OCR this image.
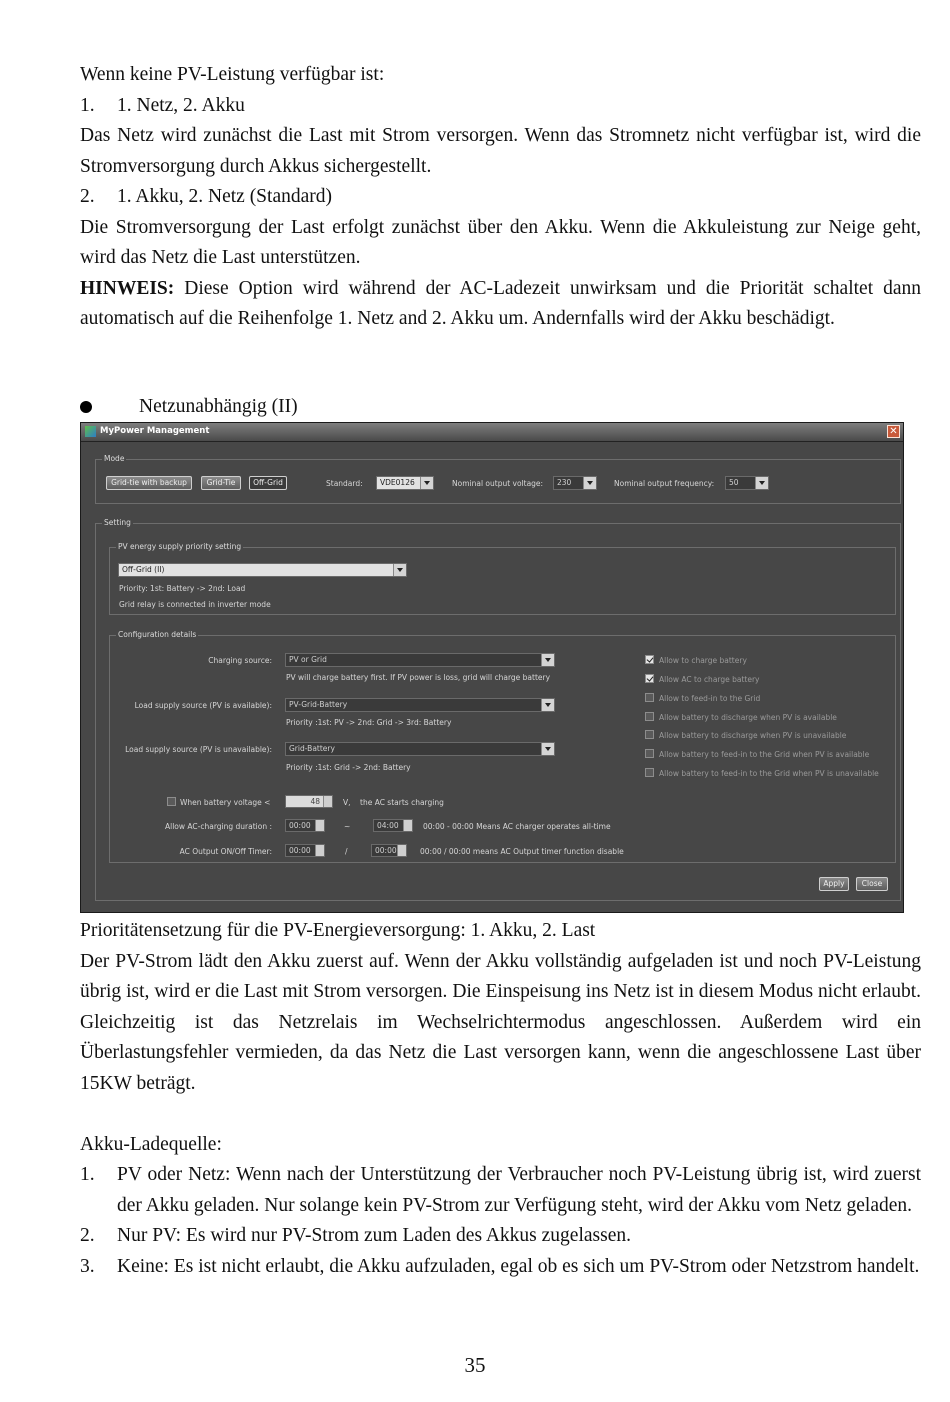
Wenn keine PV-Leistung verfügbar ist:

1.	1. Netz, 2. Akku

Das Netz wird zunächst die Last mit Strom versorgen. Wenn das Stromnetz nicht verfügbar ist, wird die Stromversorgung durch Akkus sichergestellt.

2.	1. Akku, 2. Netz (Standard)

Die Stromversorgung der Last erfolgt zunächst über den Akku. Wenn die Akkuleistung zur Neige geht, wird das Netz die Last unterstützen.

HINWEIS: Diese Option wird während der AC-Ladezeit unwirksam und die Priorität schaltet dann automatisch auf die Reihenfolge 1. Netz and 2. Akku um. Andernfalls wird der Akku beschädigt.

Netzunabhängig (II)
MyPower Management	✕
Mode
Grid-tie with backup	Grid-Tie	Off-Grid	Standard:	VDE0126	Nominal output voltage:	230	Nominal output frequency:	50
Setting
PV energy supply priority setting
Off-Grid (II)
Priority: 1st: Battery -> 2nd: Load
Grid relay is connected in inverter mode
Configuration details
Charging source:	PV or Grid
PV will charge battery first. If PV power is loss, grid will charge battery
Load supply source (PV is available):	PV-Grid-Battery
Priority :1st: PV -> 2nd: Grid -> 3rd: Battery
Load supply source (PV is unavailable):	Grid-Battery
Priority :1st: Grid -> 2nd: Battery
When battery voltage <	48	V, the AC starts charging
Allow AC-charging duration :	00:00	~	04:00	00:00 - 00:00 Means AC charger operates all-time
AC Output ON/Off Timer:	00:00	/	00:00	00:00 / 00:00 means AC Output timer function disable
Allow to charge battery
Allow AC to charge battery
Allow to feed-in to the Grid
Allow battery to discharge when PV is available
Allow battery to discharge when PV is unavailable
Allow battery to feed-in to the Grid when PV is available
Allow battery to feed-in to the Grid when PV is unavailable
Apply	Close

Prioritätensetzung für die PV-Energieversorgung: 1. Akku, 2. Last

Der PV-Strom lädt den Akku zuerst auf. Wenn der Akku vollständig aufgeladen ist und noch PV-Leistung übrig ist, wird er die Last mit Strom versorgen. Die Einspeisung ins Netz ist in diesem Modus nicht erlaubt. Gleichzeitig ist das Netzrelais im Wechselrichtermodus angeschlossen. Außerdem wird ein Überlastungsfehler vermieden, da das Netz die Last versorgen kann, wenn die angeschlossene Last über 15KW beträgt.

Akku-Ladequelle:

1.	PV oder Netz: Wenn nach der Unterstützung der Verbraucher noch PV-Leistung übrig ist, wird zuerst der Akku geladen. Nur solange kein PV-Strom zur Verfügung steht, wird der Akku vom Netz geladen.
2.	Nur PV: Es wird nur PV-Strom zum Laden des Akkus zugelassen.
3.	Keine: Es ist nicht erlaubt, die Akku aufzuladen, egal ob es sich um PV-Strom oder Netzstrom handelt.
35
